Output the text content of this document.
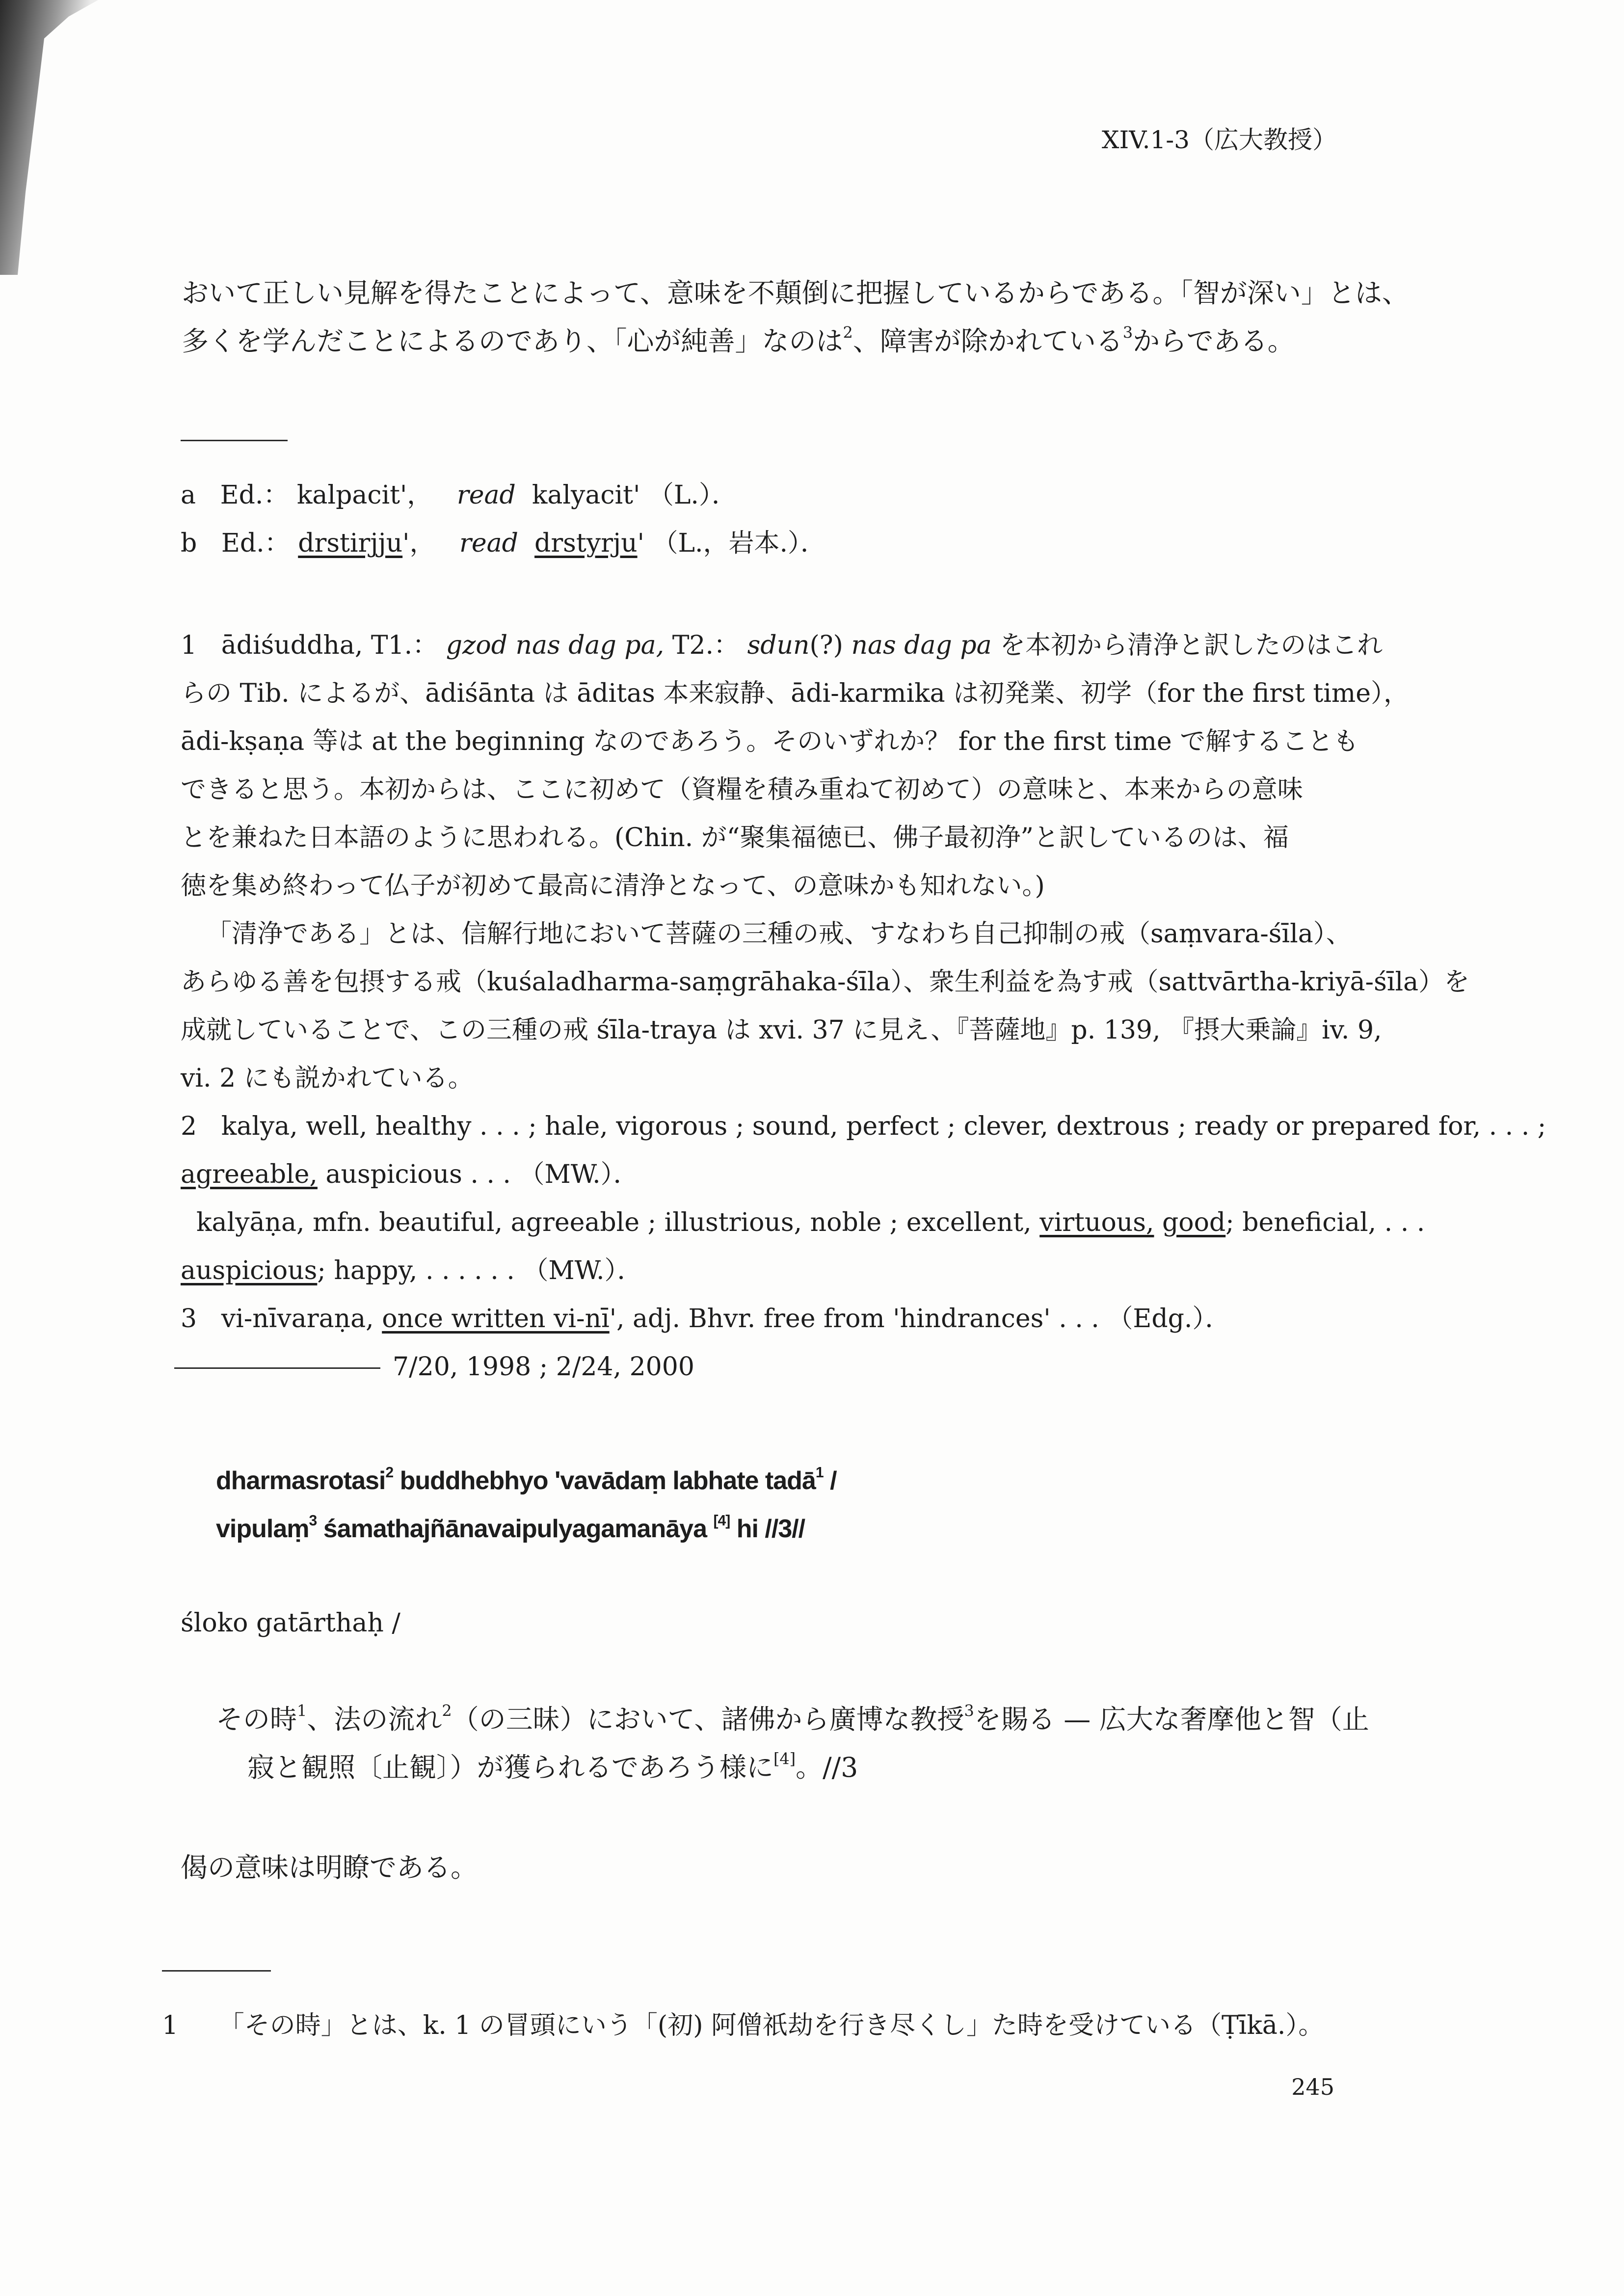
XIV.1-3（広大教授）
おいて正しい見解を得たことによって、意味を不顛倒に把握しているからである。「智が深い」とは、
多くを学んだことによるのであり、「心が純善」なのは$^2$、障害が除かれている$^3$からである。
a Ed.： kalpacit'，   read kalyacit' （L.）．
b Ed.： drstirjju'，   read drstyrju' （L.，岩本.）．
1 ādiśuddha, T1.： gzod nas dag pa, T2.： sdun(?) nas dag pa を本初から清浄と訳したのはこれ
らの Tib. によるが、ādiśānta は āditas 本来寂静、ādi-karmika は初発業、初学（for the first time），
ādi-kṣaṇa 等は at the beginning なのであろう。そのいずれか？ for the first time で解することも
できると思う。本初からは、ここに初めて（資糧を積み重ねて初めて）の意味と、本来からの意味
とを兼ねた日本語のように思われる。(Chin. が“聚集福徳已、佛子最初浄”と訳しているのは、福
徳を集め終わって仏子が初めて最高に清浄となって、の意味かも知れない。)
「清浄である」とは、信解行地において菩薩の三種の戒、すなわち自己抑制の戒（saṃvara-śīla）、
あらゆる善を包摂する戒（kuśaladharma-saṃgrāhaka-śīla）、衆生利益を為す戒（sattvārtha-kriyā-śīla）を
成就していることで、この三種の戒 śīla-traya は xvi. 37 に見え、『菩薩地』p. 139, 『摂大乗論』iv. 9,
vi. 2 にも説かれている。
2 kalya, well, healthy . . . ; hale, vigorous ; sound, perfect ; clever, dextrous ; ready or prepared for, . . . ;
agreeable, auspicious . . . （MW.）．
kalyāṇa, mfn. beautiful, agreeable ; illustrious, noble ; excellent, virtuous, good; beneficial, . . .
auspicious; happy, . . . . . . （MW.）．
3 vi-nīvaraṇa, once written vi-nī', adj. Bhvr. free from 'hindrances' . . . （Edg.）．
7/20, 1998 ; 2/24, 2000
dharmasrotasi$^2$ buddhebhyo 'vavādaṃ labhate tadā$^1$ /
vipulaṃ$^3$ śamathajñānavaipulyagamanāya [4] hi //3//
śloko gatārthaḥ /
その時$^1$、法の流れ$^2$（の三昧）において、諸佛から廣博な教授$^3$を賜る — 広大な奢摩他と智（止
寂と観照〔止観〕）が獲られるであろう様に[4]。//3
偈の意味は明瞭である。
1 「その時」とは、k. 1 の冒頭にいう「(初) 阿僧祇劫を行き尽くし」た時を受けている（Ṭīkā.）。
245
